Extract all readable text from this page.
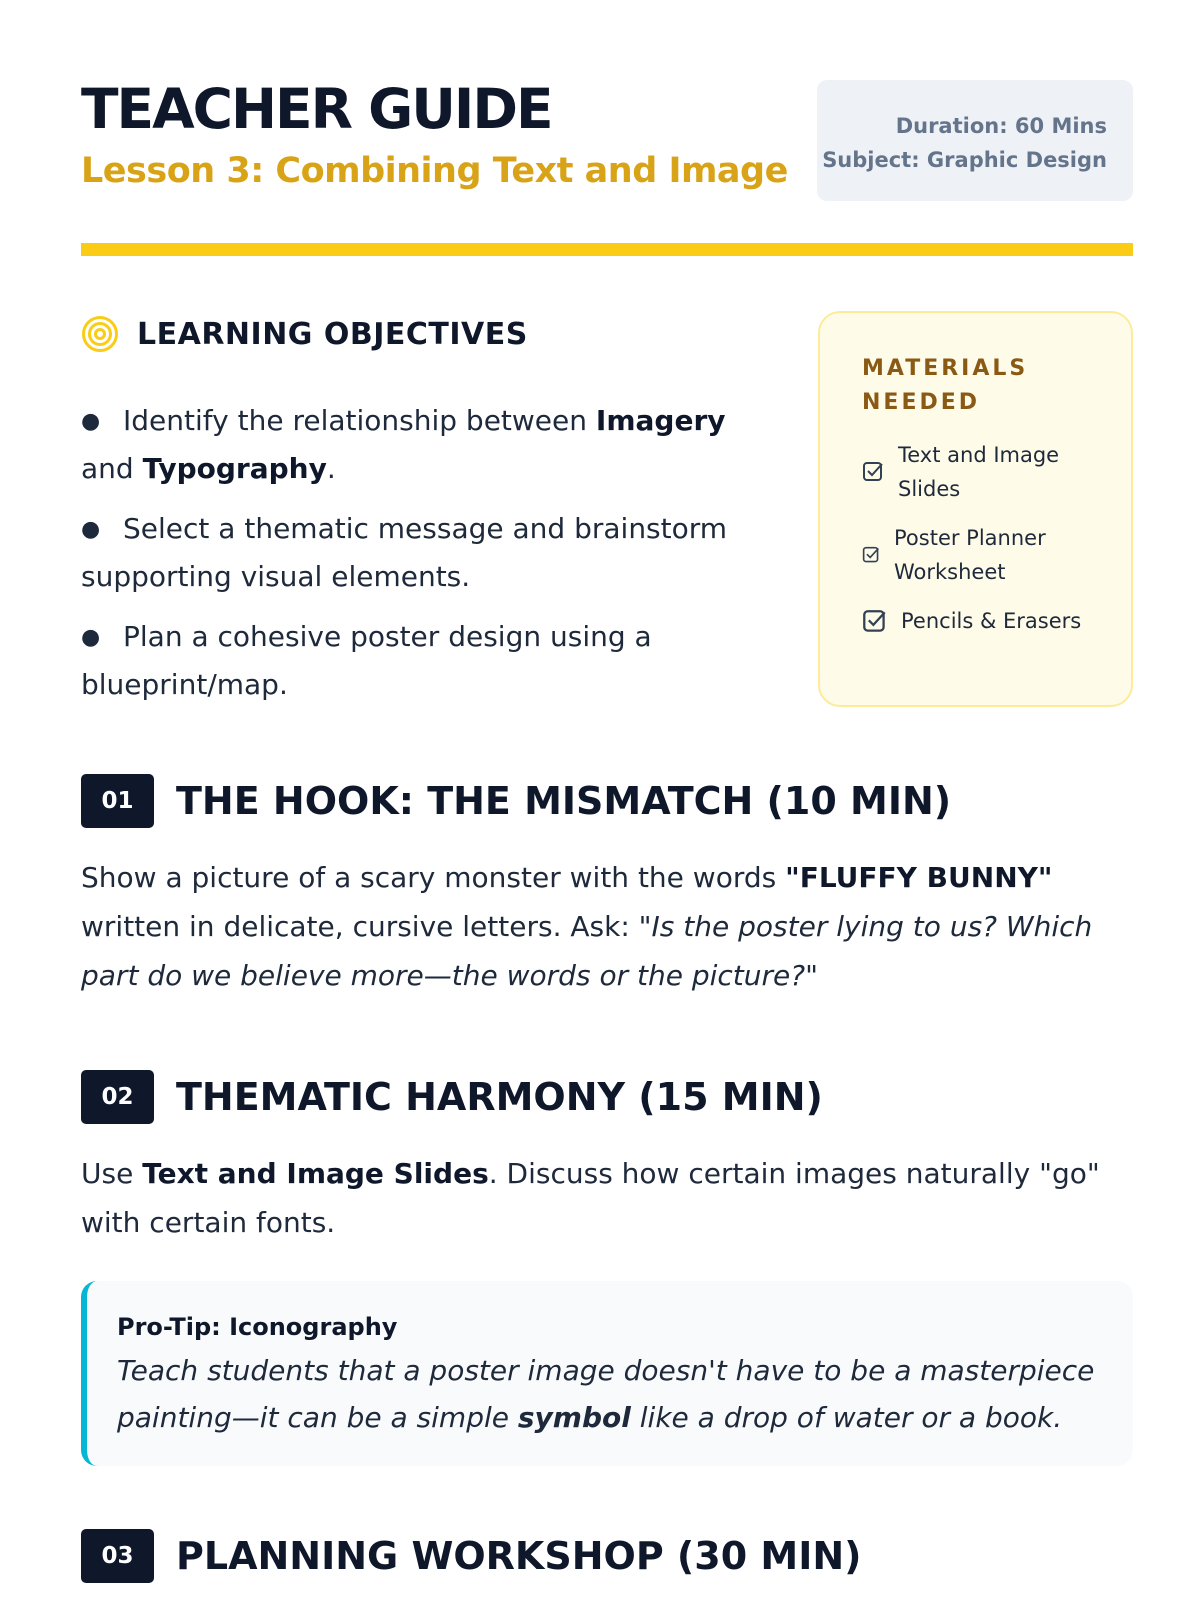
TEACHER GUIDE
Lesson 3: Combining Text and Image
Duration: 60 Mins
Subject: Graphic Design
LEARNING OBJECTIVES
● Identify the relationship between Imagery and Typography.
● Select a thematic message and brainstorm supporting visual elements.
● Plan a cohesive poster design using a blueprint/map.
MATERIALS
NEEDED
Text and Image Slides
Poster Planner Worksheet
Pencils & Erasers
01	THE HOOK: THE MISMATCH (10 MIN)
Show a picture of a scary monster with the words "FLUFFY BUNNY" written in delicate, cursive letters. Ask: "Is the poster lying to us? Which part do we believe more—the words or the picture?"
02	THEMATIC HARMONY (15 MIN)
Use Text and Image Slides. Discuss how certain images naturally "go" with certain fonts.
Pro-Tip: Iconography
Teach students that a poster image doesn't have to be a masterpiece painting—it can be a simple symbol like a drop of water or a book.
03	PLANNING WORKSHOP (30 MIN)
